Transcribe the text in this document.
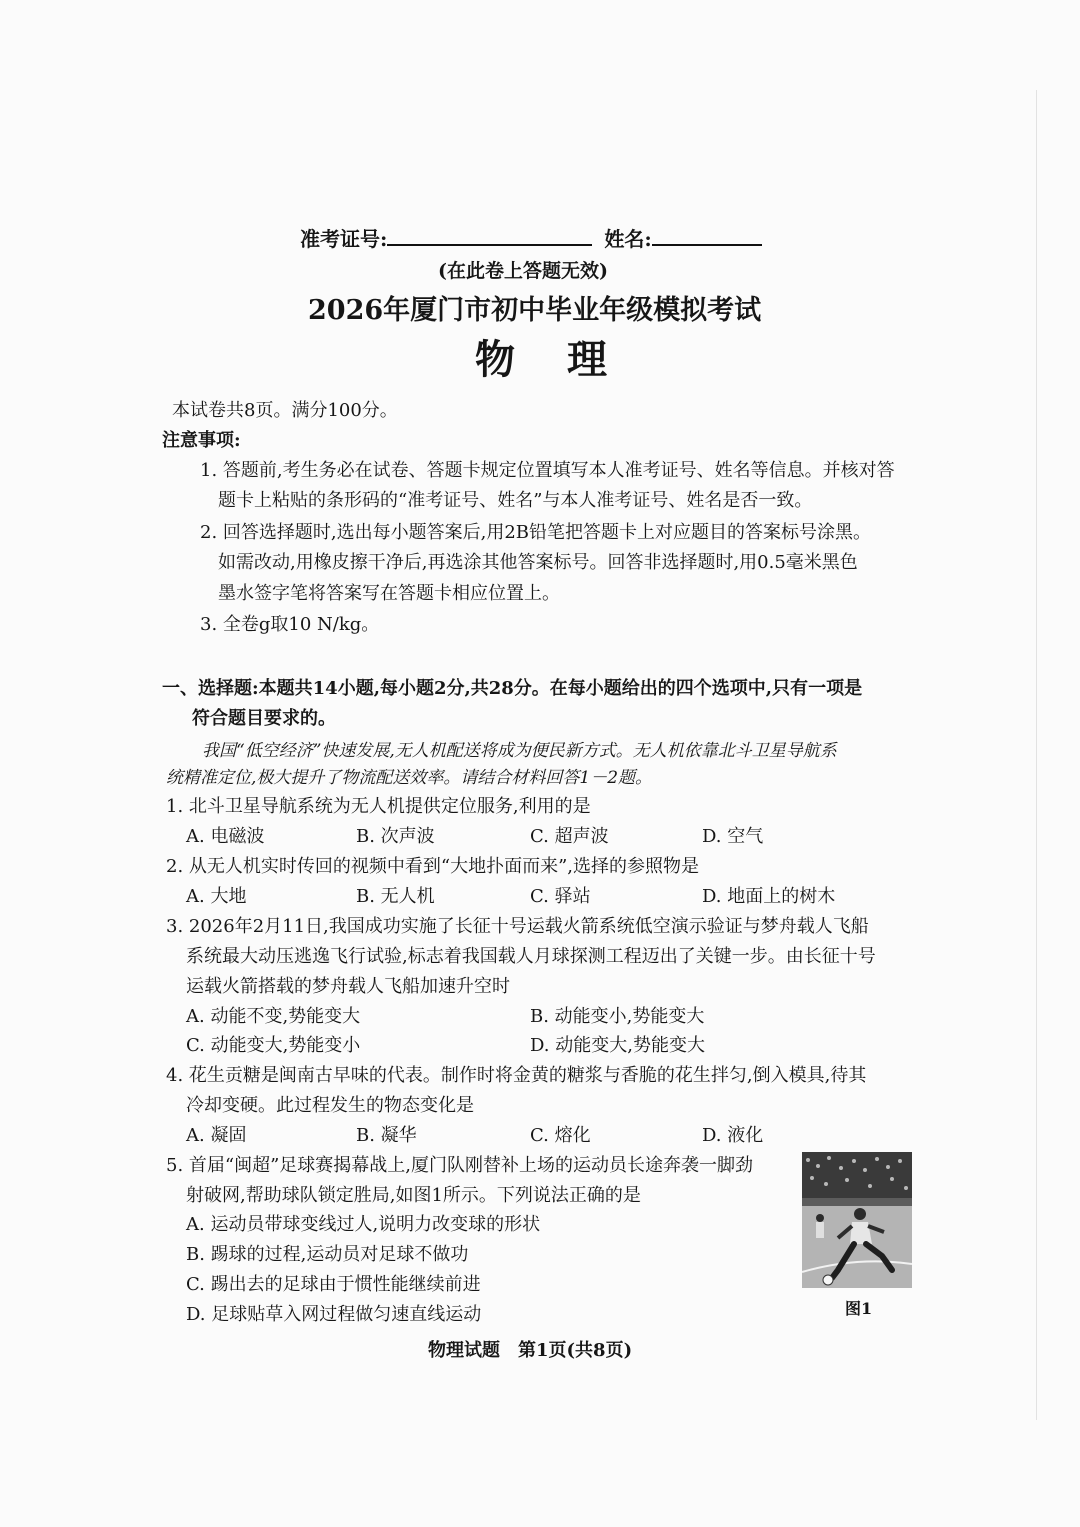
准考证号:	姓名:
(在此卷上答题无效)
2026年厦门市初中毕业年级模拟考试
物　理
本试卷共8页。满分100分。
注意事项:
1. 答题前,考生务必在试卷、答题卡规定位置填写本人准考证号、姓名等信息。并核对答
题卡上粘贴的条形码的“准考证号、姓名”与本人准考证号、姓名是否一致。
2. 回答选择题时,选出每小题答案后,用2B铅笔把答题卡上对应题目的答案标号涂黑。
如需改动,用橡皮擦干净后,再选涂其他答案标号。回答非选择题时,用0.5毫米黑色
墨水签字笔将答案写在答题卡相应位置上。
3. 全卷g取10 N/kg。
一、选择题:本题共14小题,每小题2分,共28分。在每小题给出的四个选项中,只有一项是
符合题目要求的。
我国“低空经济”快速发展,无人机配送将成为便民新方式。无人机依靠北斗卫星导航系
统精准定位,极大提升了物流配送效率。请结合材料回答1－2题。
1. 北斗卫星导航系统为无人机提供定位服务,利用的是
A. 电磁波	B. 次声波	C. 超声波	D. 空气
2. 从无人机实时传回的视频中看到“大地扑面而来”,选择的参照物是
A. 大地	B. 无人机	C. 驿站	D. 地面上的树木
3. 2026年2月11日,我国成功实施了长征十号运载火箭系统低空演示验证与梦舟载人飞船
系统最大动压逃逸飞行试验,标志着我国载人月球探测工程迈出了关键一步。由长征十号
运载火箭搭载的梦舟载人飞船加速升空时
A. 动能不变,势能变大	B. 动能变小,势能变大
C. 动能变大,势能变小	D. 动能变大,势能变大
4. 花生贡糖是闽南古早味的代表。制作时将金黄的糖浆与香脆的花生拌匀,倒入模具,待其
冷却变硬。此过程发生的物态变化是
A. 凝固	B. 凝华	C. 熔化	D. 液化
5. 首届“闽超”足球赛揭幕战上,厦门队刚替补上场的运动员长途奔袭一脚劲
射破网,帮助球队锁定胜局,如图1所示。下列说法正确的是
A. 运动员带球变线过人,说明力改变球的形状
B. 踢球的过程,运动员对足球不做功
C. 踢出去的足球由于惯性能继续前进
D. 足球贴草入网过程做匀速直线运动	图1
物理试题　第1页(共8页)
